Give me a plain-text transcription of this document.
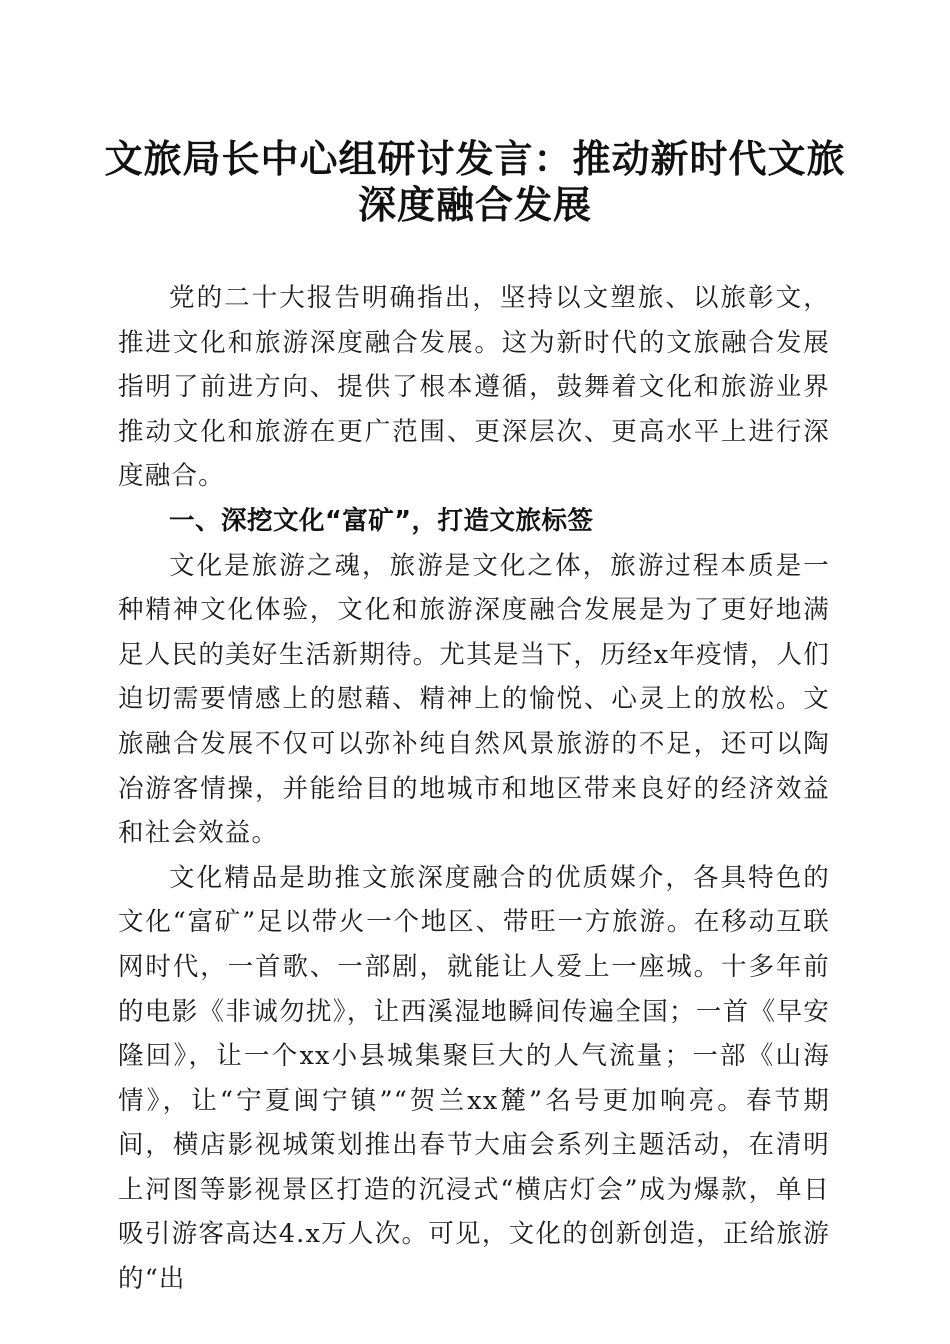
文旅局长中心组研讨发言：推动新时代文旅深度融合发展

党的二十大报告明确指出，坚持以文塑旅、以旅彰文，推进文化和旅游深度融合发展。这为新时代的文旅融合发展指明了前进方向、提供了根本遵循，鼓舞着文化和旅游业界推动文化和旅游在更广范围、更深层次、更高水平上进行深度融合。

一、深挖文化“富矿”，打造文旅标签

文化是旅游之魂，旅游是文化之体，旅游过程本质是一种精神文化体验，文化和旅游深度融合发展是为了更好地满足人民的美好生活新期待。尤其是当下，历经x年疫情，人们迫切需要情感上的慰藉、精神上的愉悦、心灵上的放松。文旅融合发展不仅可以弥补纯自然风景旅游的不足，还可以陶冶游客情操，并能给目的地城市和地区带来良好的经济效益和社会效益。

文化精品是助推文旅深度融合的优质媒介，各具特色的文化“富矿”足以带火一个地区、带旺一方旅游。在移动互联网时代，一首歌、一部剧，就能让人爱上一座城。十多年前的电影《非诚勿扰》，让西溪湿地瞬间传遍全国；一首《早安隆回》，让一个xx小县城集聚巨大的人气流量；一部《山海情》，让“宁夏闽宁镇”“贺兰xx麓”名号更加响亮。春节期间，横店影视城策划推出春节大庙会系列主题活动，在清明上河图等影视景区打造的沉浸式“横店灯会”成为爆款，单日吸引游客高达4.x万人次。可见，文化的创新创造，正给旅游的“出
